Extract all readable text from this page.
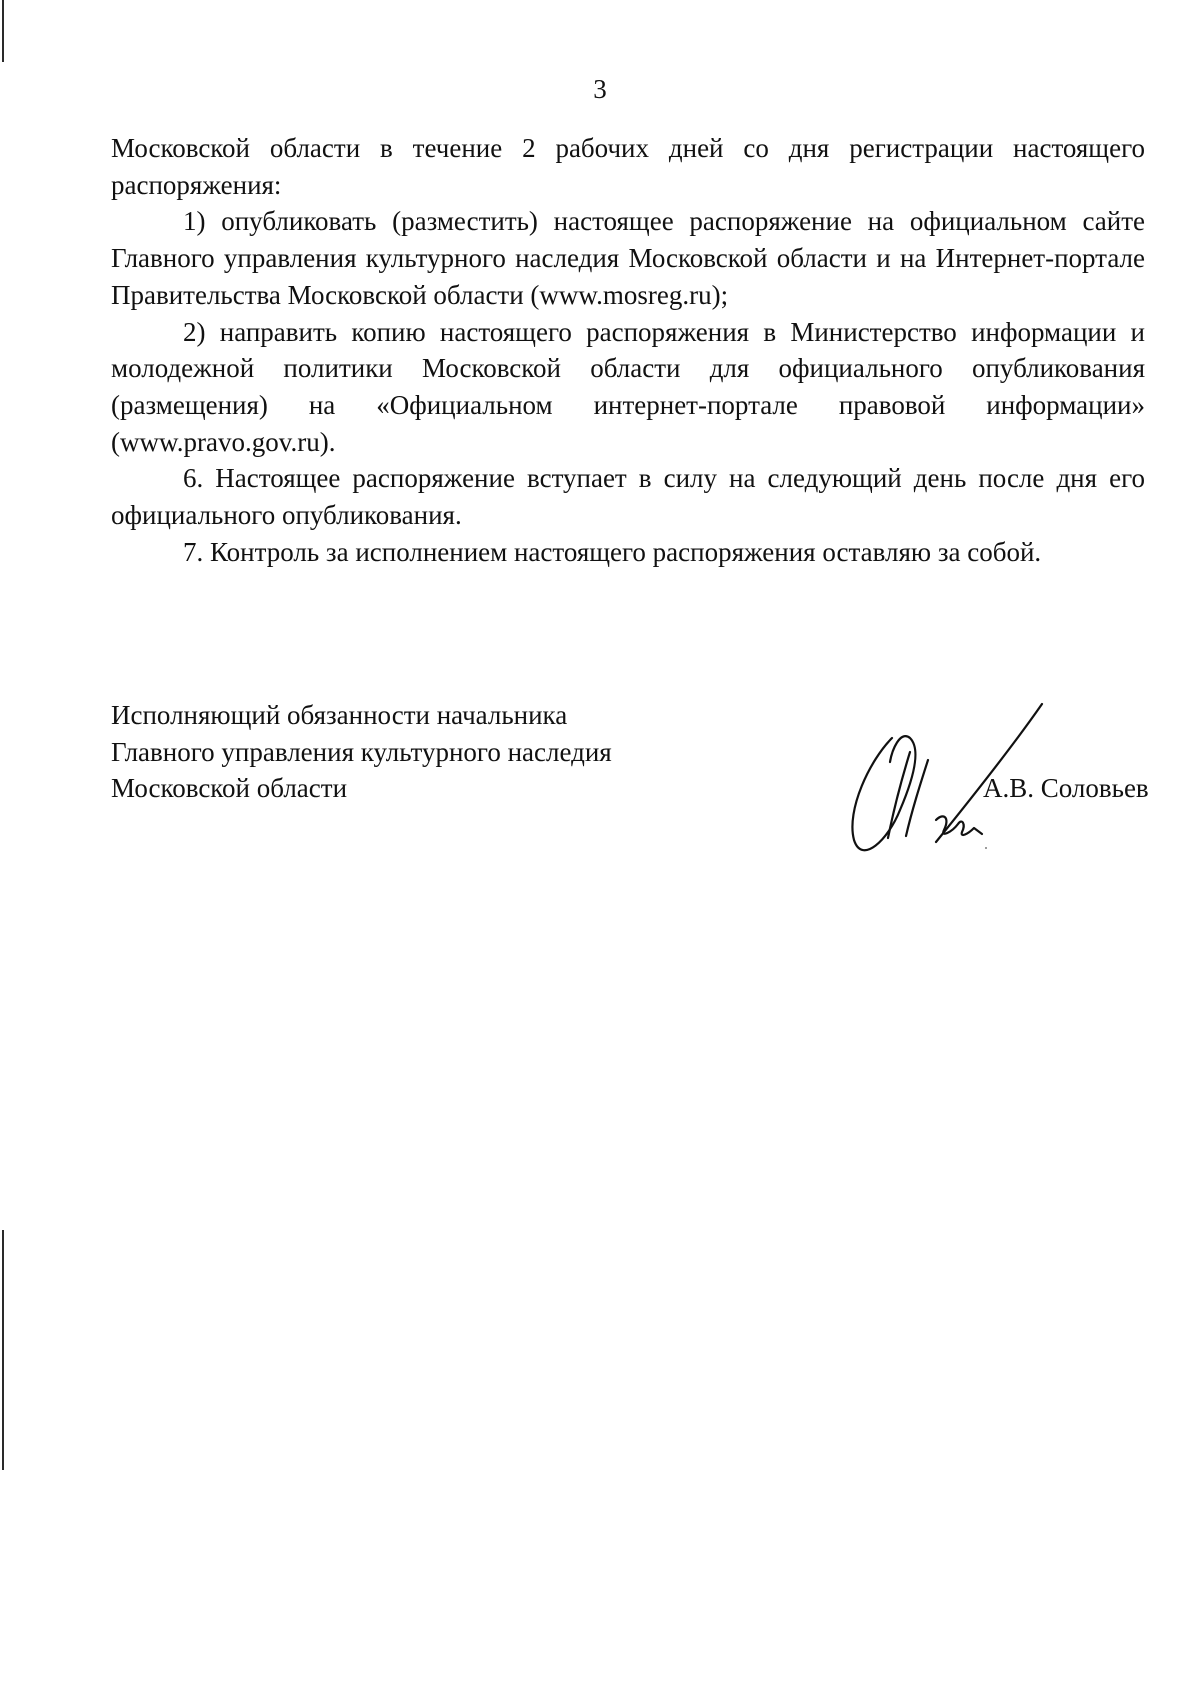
3

Московской области в течение 2 рабочих дней со дня регистрации настоящего распоряжения:

1) опубликовать (разместить) настоящее распоряжение на официальном сайте Главного управления культурного наследия Московской области и на Интернет-портале Правительства Московской области (www.mosreg.ru);

2) направить копию настоящего распоряжения в Министерство информации и молодежной политики Московской области для официального опубликования (размещения) на «Официальном интернет-портале правовой информации» (www.pravo.gov.ru).

6. Настоящее распоряжение вступает в силу на следующий день после дня его официального опубликования.

7. Контроль за исполнением настоящего распоряжения оставляю за собой.

Исполняющий обязанности начальника
Главного управления культурного наследия
Московской области	А.В. Соловьев
